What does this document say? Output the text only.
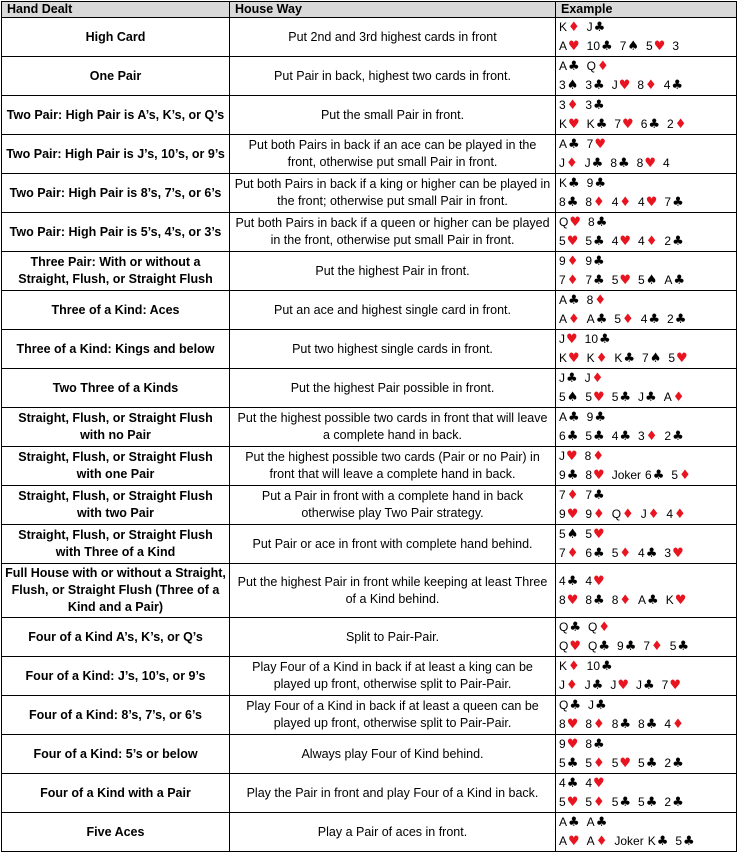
Hand Dealt	House Way	Example
High Card	Put 2nd and 3rd highest cards in front	K♦ J♣
A♥ 10♣ 7♠ 5♥ 3

One Pair	Put Pair in back, highest two cards in front.	A♣ Q♦
3♠ 3♣ J♥ 8♦ 4♣

Two Pair: High Pair is A’s, K’s, or Q’s	Put the small Pair in front.	3♦ 3♣
K♥ K♣ 7♥ 6♣ 2♦

Two Pair: High Pair is J’s, 10’s, or 9’s	Put both Pairs in back if an ace can be played in the front, otherwise put small Pair in front.	A♣ 7♥
J♦ J♣ 8♣ 8♥ 4

Two Pair: High Pair is 8’s, 7’s, or 6’s	Put both Pairs in back if a king or higher can be played in the front; otherwise put small Pair in front.	K♣ 9♣
8♣ 8♦ 4♦ 4♥ 7♣

Two Pair: High Pair is 5’s, 4’s, or 3’s	Put both Pairs in back if a queen or higher can be played in the front, otherwise put small Pair in front.	Q♥ 8♣
5♥ 5♣ 4♥ 4♦ 2♣

Three Pair: With or without a Straight, Flush, or Straight Flush	Put the highest Pair in front.	9♦ 9♣
7♦ 7♣ 5♥ 5♠ A♣

Three of a Kind: Aces	Put an ace and highest single card in front.	A♣ 8♦
A♦ A♣ 5♦ 4♣ 2♣

Three of a Kind: Kings and below	Put two highest single cards in front.	J♥ 10♣
K♥ K♦ K♣ 7♠ 5♥

Two Three of a Kinds	Put the highest Pair possible in front.	J♣ J♦
5♠ 5♥ 5♣ J♣ A♦

Straight, Flush, or Straight Flush with no Pair	Put the highest possible two cards in front that will leave a complete hand in back.	A♣ 9♣
6♣ 5♣ 4♣ 3♦ 2♣

Straight, Flush, or Straight Flush with one Pair	Put the highest possible two cards (Pair or no Pair) in front that will leave a complete hand in back.	J♥ 8♦
9♣ 8♥ Joker 6♣ 5♦

Straight, Flush, or Straight Flush with two Pair	Put a Pair in front with a complete hand in back otherwise play Two Pair strategy.	7♦ 7♣
9♥ 9♦ Q♦ J♦ 4♦

Straight, Flush, or Straight Flush with Three of a Kind	Put Pair or ace in front with complete hand behind.	5♠ 5♥
7♦ 6♣ 5♦ 4♣ 3♥

Full House with or without a Straight, Flush, or Straight Flush (Three of a Kind and a Pair)	Put the highest Pair in front while keeping at least Three of a Kind behind.	4♣ 4♥
8♥ 8♣ 8♦ A♣ K♥

Four of a Kind A’s, K’s, or Q’s	Split to Pair-Pair.	Q♣ Q♦
Q♥ Q♣ 9♣ 7♦ 5♣

Four of a Kind: J’s, 10’s, or 9’s	Play Four of a Kind in back if at least a king can be played up front, otherwise split to Pair-Pair.	K♦ 10♣
J♦ J♣ J♥ J♣ 7♥

Four of a Kind: 8’s, 7’s, or 6’s	Play Four of a Kind in back if at least a queen can be played up front, otherwise split to Pair-Pair.	Q♣ J♣
8♥ 8♦ 8♣ 8♣ 4♦

Four of a Kind: 5’s or below	Always play Four of Kind behind.	9♥ 8♣
5♣ 5♦ 5♥ 5♣ 2♣

Four of a Kind with a Pair	Play the Pair in front and play Four of a Kind in back.	4♣ 4♥
5♥ 5♦ 5♣ 5♣ 2♣

Five Aces	Play a Pair of aces in front.	A♣ A♣
A♥ A♦ Joker K♣ 5♣
